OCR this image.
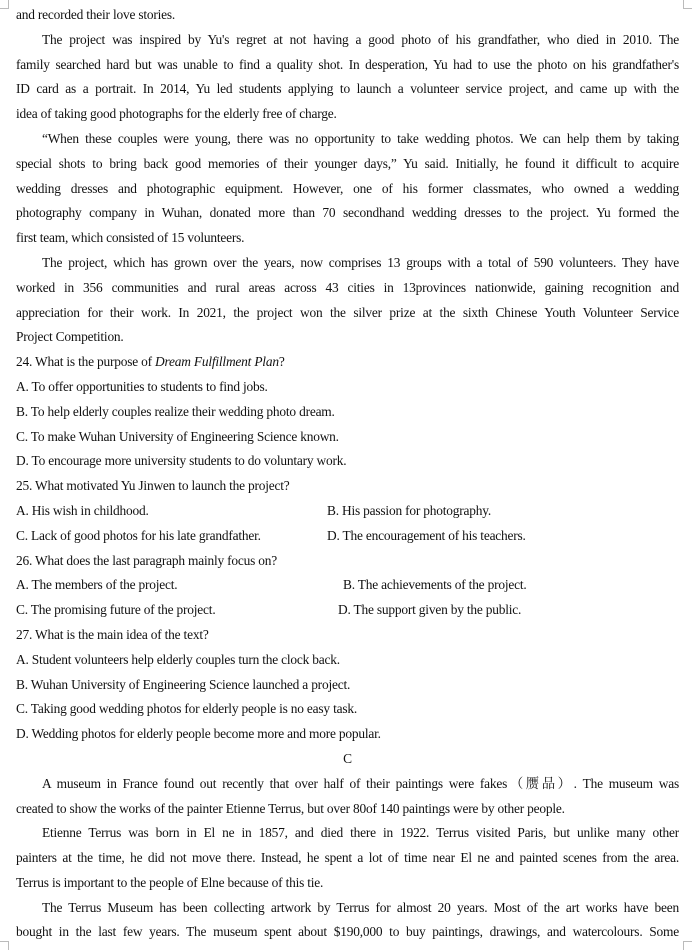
and recorded their love stories.
The project was inspired by Yu's regret at not having a good photo of his grandfather, who died in 2010. The
family searched hard but was unable to find a quality shot. In desperation, Yu had to use the photo on his grandfather's
ID card as a portrait. In 2014, Yu led students applying to launch a volunteer service project, and came up with the
idea of taking good photographs for the elderly free of charge.
“When these couples were young, there was no opportunity to take wedding photos. We can help them by taking
special shots to bring back good memories of their younger days,” Yu said. Initially, he found it difficult to acquire
wedding dresses and photographic equipment. However, one of his former classmates, who owned a wedding
photography company in Wuhan, donated more than 70 secondhand wedding dresses to the project. Yu formed the
first team, which consisted of 15 volunteers.
The project, which has grown over the years, now comprises 13 groups with a total of 590 volunteers. They have
worked in 356 communities and rural areas across 43 cities in 13provinces nationwide, gaining recognition and
appreciation for their work. In 2021, the project won the silver prize at the sixth Chinese Youth Volunteer Service
Project Competition.
24. What is the purpose of Dream Fulfillment Plan?
A. To offer opportunities to students to find jobs.
B. To help elderly couples realize their wedding photo dream.
C. To make Wuhan University of Engineering Science known.
D. To encourage more university students to do voluntary work.
25. What motivated Yu Jinwen to launch the project?
A. His wish in childhood.	B. His passion for photography.
C. Lack of good photos for his late grandfather.	D. The encouragement of his teachers.
26. What does the last paragraph mainly focus on?
A. The members of the project.	B. The achievements of the project.
C. The promising future of the project.	D. The support given by the public.
27. What is the main idea of the text?
A. Student volunteers help elderly couples turn the clock back.
B. Wuhan University of Engineering Science launched a project.
C. Taking good wedding photos for elderly people is no easy task.
D. Wedding photos for elderly people become more and more popular.
C
A museum in France found out recently that over half of their paintings were fakes（赝品）. The museum was
created to show the works of the painter Etienne Terrus, but over 80of 140 paintings were by other people.
Etienne Terrus was born in El ne in 1857, and died there in 1922. Terrus visited Paris, but unlike many other
painters at the time, he did not move there. Instead, he spent a lot of time near El ne and painted scenes from the area.
Terrus is important to the people of Elne because of this tie.
The Terrus Museum has been collecting artwork by Terrus for almost 20 years. Most of the art works have been
bought in the last few years. The museum spent about $190,000 to buy paintings, drawings, and watercolours. Some
